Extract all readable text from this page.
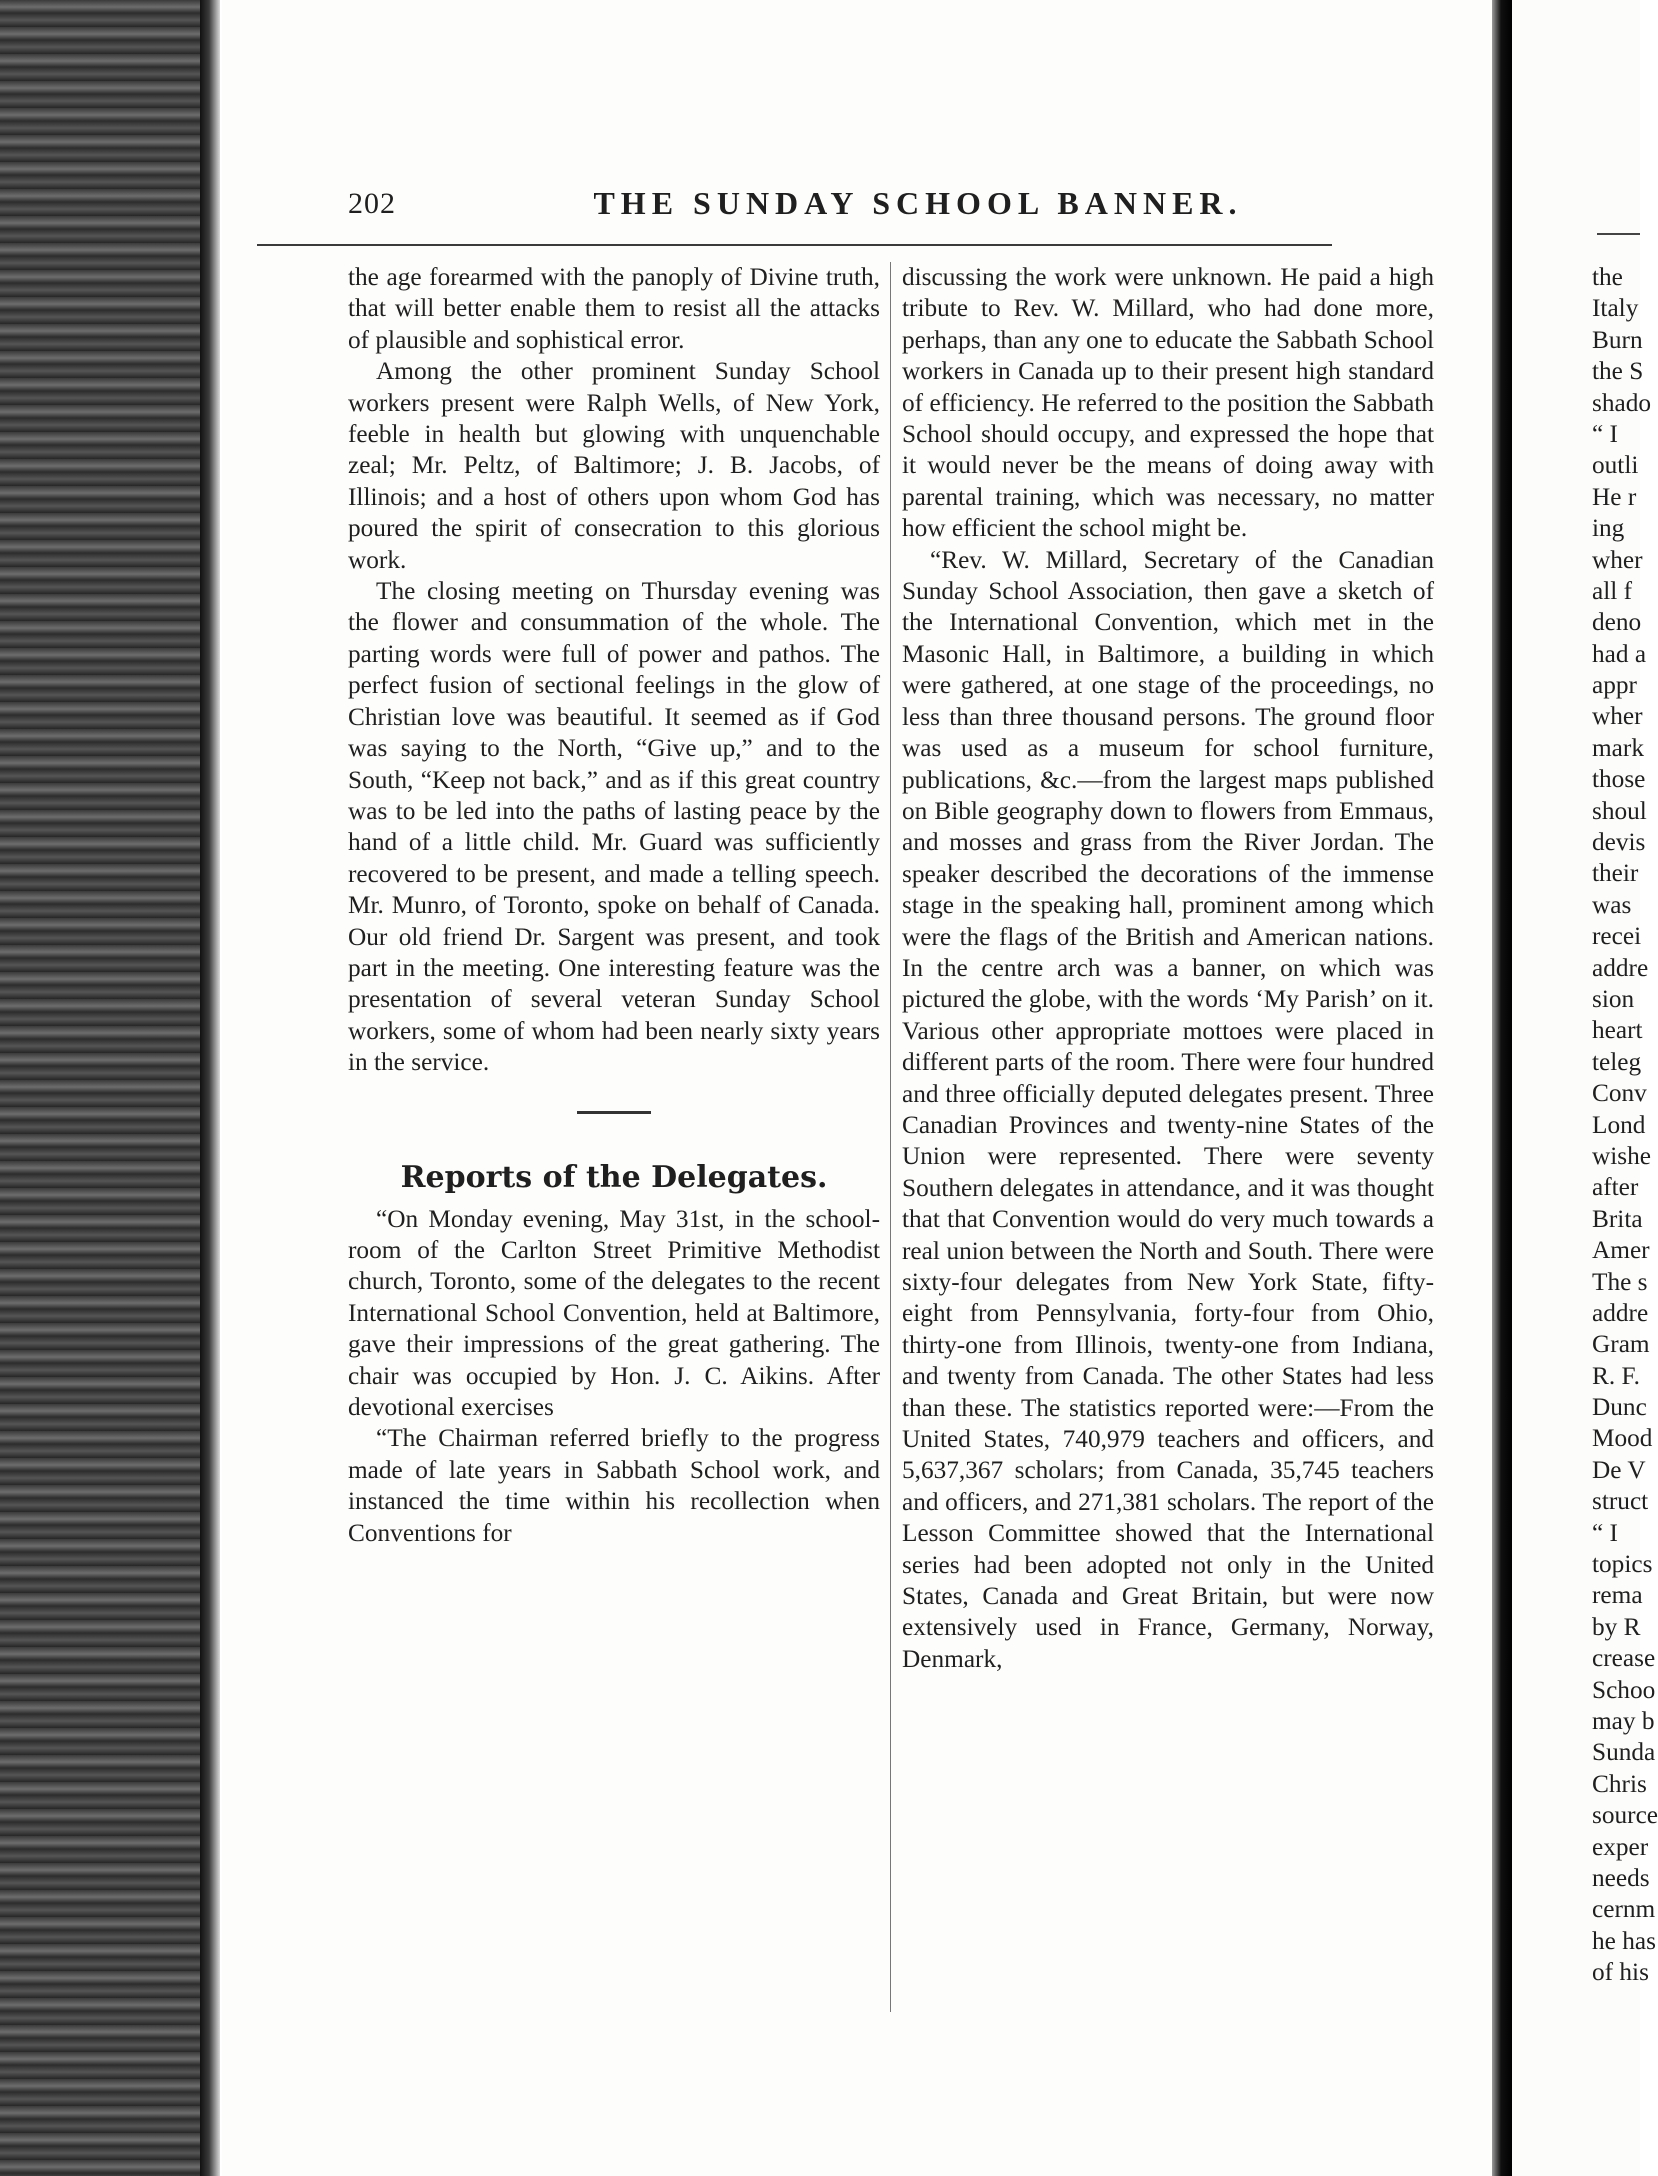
202	THE SUNDAY SCHOOL BANNER.

the age forearmed with the panoply of Divine truth, that will better enable them to resist all the attacks of plausible and sophistical error.

Among the other prominent Sunday School workers present were Ralph Wells, of New York, feeble in health but glowing with unquenchable zeal; Mr. Peltz, of Baltimore; J. B. Jacobs, of Illinois; and a host of others upon whom God has poured the spirit of consecration to this glorious work.

The closing meeting on Thursday evening was the flower and consummation of the whole. The parting words were full of power and pathos. The perfect fusion of sectional feelings in the glow of Christian love was beautiful. It seemed as if God was saying to the North, “Give up,” and to the South, “Keep not back,” and as if this great country was to be led into the paths of lasting peace by the hand of a little child. Mr. Guard was sufficiently recovered to be present, and made a telling speech. Mr. Munro, of Toronto, spoke on behalf of Canada. Our old friend Dr. Sargent was present, and took part in the meeting. One interesting feature was the presentation of several veteran Sunday School workers, some of whom had been nearly sixty years in the service.

Reports of the Delegates.

“On Monday evening, May 31st, in the school-room of the Carlton Street Primitive Methodist church, Toronto, some of the delegates to the recent International School Convention, held at Baltimore, gave their impressions of the great gathering. The chair was occupied by Hon. J. C. Aikins. After devotional exercises

“The Chairman referred briefly to the progress made of late years in Sabbath School work, and instanced the time within his recollection when Conventions for

discussing the work were unknown. He paid a high tribute to Rev. W. Millard, who had done more, perhaps, than any one to educate the Sabbath School workers in Canada up to their present high standard of efficiency. He referred to the position the Sabbath School should occupy, and expressed the hope that it would never be the means of doing away with parental training, which was necessary, no matter how efficient the school might be.

“Rev. W. Millard, Secretary of the Canadian Sunday School Association, then gave a sketch of the International Convention, which met in the Masonic Hall, in Baltimore, a building in which were gathered, at one stage of the proceedings, no less than three thousand persons. The ground floor was used as a museum for school furniture, publications, &c.—from the largest maps published on Bible geography down to flowers from Emmaus, and mosses and grass from the River Jordan. The speaker described the decorations of the immense stage in the speaking hall, prominent among which were the flags of the British and American nations. In the centre arch was a banner, on which was pictured the globe, with the words ‘My Parish’ on it. Various other appropriate mottoes were placed in different parts of the room. There were four hundred and three officially deputed delegates present. Three Canadian Provinces and twenty-nine States of the Union were represented. There were seventy Southern delegates in attendance, and it was thought that that Convention would do very much towards a real union between the North and South. There were sixty-four delegates from New York State, fifty-eight from Pennsylvania, forty-four from Ohio, thirty-one from Illinois, twenty-one from Indiana, and twenty from Canada. The other States had less than these. The statistics reported were:—From the United States, 740,979 teachers and officers, and 5,637,367 scholars; from Canada, 35,745 teachers and officers, and 271,381 scholars. The report of the Lesson Committee showed that the International series had been adopted not only in the United States, Canada and Great Britain, but were now extensively used in France, Germany, Norway, Denmark,

the
Italy
Burn
the S
shado
“ I
outli
He r
ing
wher
all f
deno
had a
appr
wher
mark
those
shoul
devis
their
was
recei
addre
sion
heart
teleg
Conv
Lond
wishe
after
Brita
Amer
The s
addre
Gram
R. F.
Dunc
Mood
De V
struct
“ I
topics
rema
by R
crease
Schoo
may b
Sunda
Chris
source
exper
needs
cernm
he has
of his
